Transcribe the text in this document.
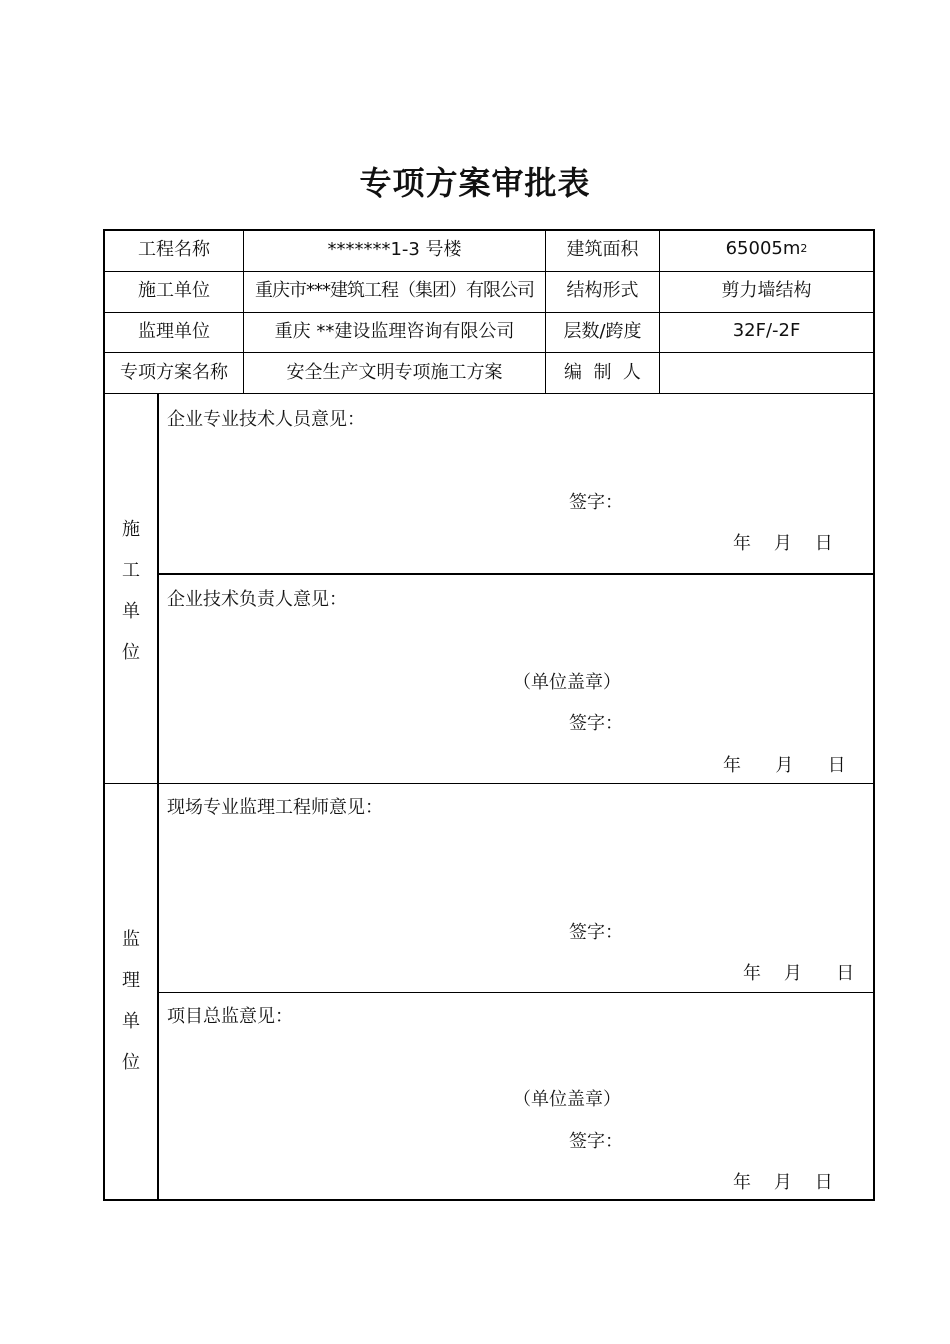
专项方案审批表
工程名称	*******1-3 号楼	建筑面积	65005m 2
施工单位	重庆市***建筑工程（集团）有限公司	结构形式	剪力墙结构
监理单位	重庆 **建设监理咨询有限公司	层数/跨度	32F/-2F
专项方案名称	安全生产文明专项施工方案	编  制  人
施
工
单
位
企业专业技术人员意见：
签字：
年    月    日
企业技术负责人意见：
（单位盖章）
签字：
年      月      日
监
理
单
位
现场专业监理工程师意见：
签字：
年    月      日
项目总监意见：
（单位盖章）
签字：
年    月    日
